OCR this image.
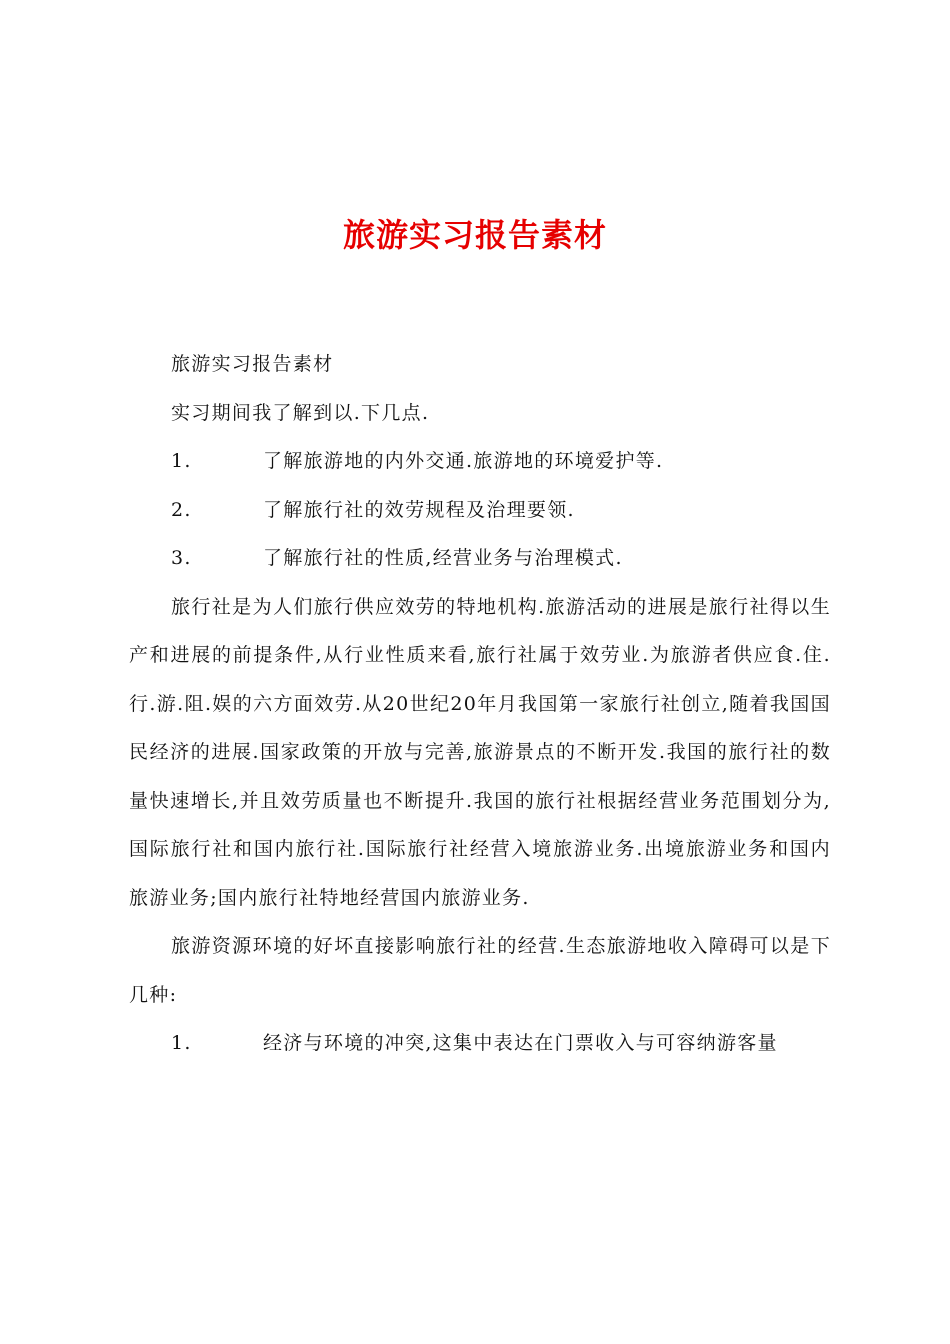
旅游实习报告素材

旅游实习报告素材

实习期间我了解到以.下几点.

1.	了解旅游地的内外交通.旅游地的环境爱护等.
2.	了解旅行社的效劳规程及治理要领.
3.	了解旅行社的性质,经营业务与治理模式.

旅行社是为人们旅行供应效劳的特地机构.旅游活动的进展是旅行社得以生产和进展的前提条件,从行业性质来看,旅行社属于效劳业.为旅游者供应食.住.行.游.阻.娱的六方面效劳.从20世纪20年月我国第一家旅行社创立,随着我国国民经济的进展.国家政策的开放与完善,旅游景点的不断开发.我国的旅行社的数量快速增长,并且效劳质量也不断提升.我国的旅行社根据经营业务范围划分为,国际旅行社和国内旅行社.国际旅行社经营入境旅游业务.出境旅游业务和国内旅游业务;国内旅行社特地经营国内旅游业务.

旅游资源环境的好坏直接影响旅行社的经营.生态旅游地收入障碍可以是下几种:

1.	经济与环境的冲突,这集中表达在门票收入与可容纳游客量
